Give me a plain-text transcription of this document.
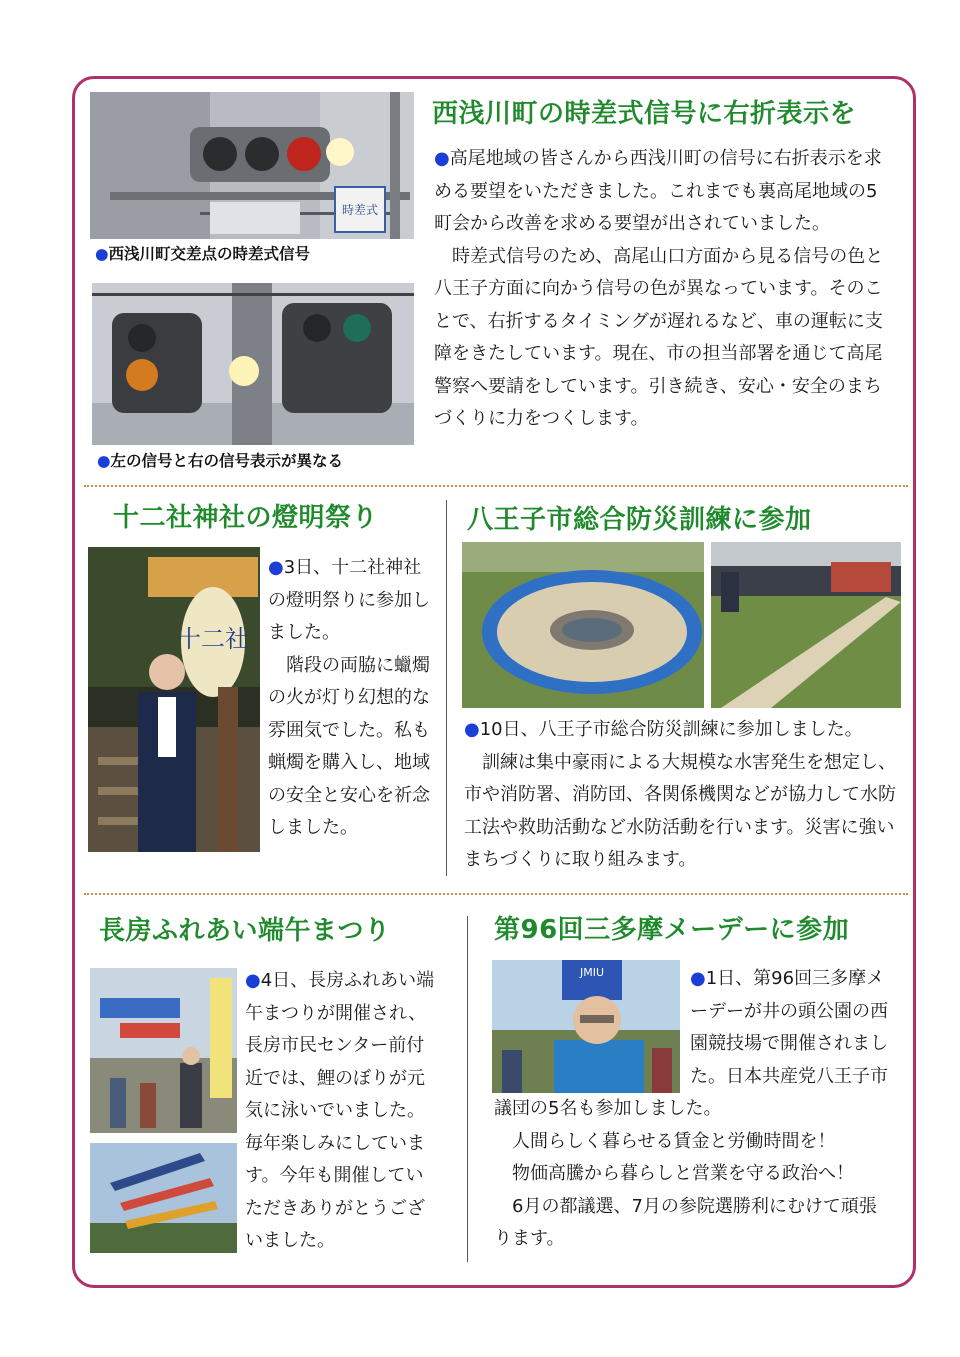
時差式
●西浅川町交差点の時差式信号
●左の信号と右の信号表示が異なる
西浅川町の時差式信号に右折表示を

●高尾地域の皆さんから西浅川町の信号に右折表示を求める要望をいただきました。これまでも裏高尾地域の5町会から改善を求める要望が出されていました。

　時差式信号のため、高尾山口方面から見る信号の色と八王子方面に向かう信号の色が異なっています。そのことで、右折するタイミングが遅れるなど、車の運転に支障をきたしています。現在、市の担当部署を通じて高尾警察へ要請をしています。引き続き、安心・安全のまちづくりに力をつくします。

十二社神社の燈明祭り
十二社

●3日、十二社神社の燈明祭りに参加しました。

　階段の両脇に蠟燭の火が灯り幻想的な雰囲気でした。私も蝋燭を購入し、地域の安全と安心を祈念しました。

八王子市総合防災訓練に参加

●10日、八王子市総合防災訓練に参加しました。

　訓練は集中豪雨による大規模な水害発生を想定し、市や消防署、消防団、各関係機関などが協力して水防工法や救助活動など水防活動を行います。災害に強いまちづくりに取り組みます。

長房ふれあい端午まつり

●4日、長房ふれあい端午まつりが開催され、長房市民センター前付近では、鯉のぼりが元気に泳いでいました。毎年楽しみにしています。今年も開催していただきありがとうございました。

第96回三多摩メーデーに参加
JMIU	● 1日、第96回三多摩メーデーが井の頭公園の西園競技場で開催されました。日本共産党八王子市議団の5名も参加しました。

　人間らしく暮らせる賃金と労働時間を！

　物価高騰から暮らしと営業を守る政治へ！

　6月の都議選、7月の参院選勝利にむけて頑張ります。
